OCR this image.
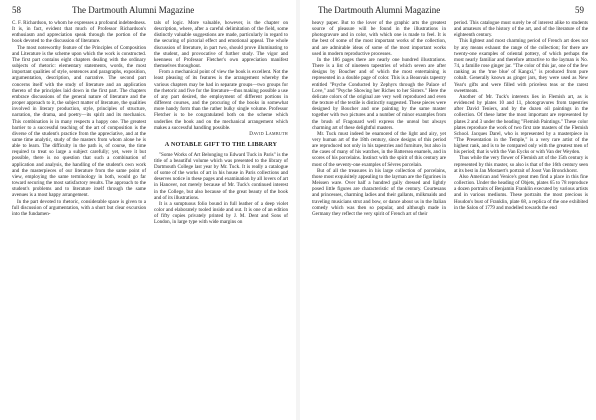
58	The Dartmouth Alumni Magazine

C. F. Richardson, to whom he expresses a profound indebtedness. It is, in fact, evident that much of Professor Richardson's enthusiasm and appreciation speak through the portion of the book devoted to the discussion of literature.

The most noteworthy feature of the Principles of Composition and Literature is the scheme upon which the work is constructed. The first part contains eight chapters dealing with the ordinary subjects of rhetoric: elementary statements, words, the most important qualities of style, sentences and paragraphs, exposition, argumentation, description, and narrative. The second part concerns itself with the study of literature and an application thereto of the principles laid down in the first part. The chapters embrace discussions of the general nature of literature and the proper approach to it, the subject matter of literature, the qualities involved in literary production, style, principles of structure, narration, the drama, and poetry—its spirit and its mechanics. This combination is in many respects a happy one. The greatest barrier to a successful teaching of the art of composition is the diverse of the student's practice from the appreciative, and at the same time analytic, study of the masters from whom alone he is able to learn. The difficulty in the path is, of course, the time required to treat so large a subject carefully; yet, were it but possible, there is no question that such a combination of application and analysis, the handling of the student's own work and the masterpieces of our literature from the same point of view, employing the same terminology in both, would go far toward securing the most satisfactory results. The approach to the student's problems and to literature itself through the same avenues is a most happy arrangement.

In the part devoted to rhetoric, considerable space is given to a full discussion of argumentation, with a short but clear excursion into the fundamen-

tals of logic. More valuable, however, is the chapter on description, where, after a careful delimitation of the field, some distinctly valuable suggestions are made, particularly in regard to the securing of pictorial effect and emotional appeal. The whole discussion of literature, in part two, should prove illuminating to the student, and provocative of further study. The vigor and keenness of Professor Fletcher's own appreciation manifest themselves throughout.

From a mechanical point of view the book is excellent. Not the least pleasing of its features is the arrangement whereby the various chapters may be had in separate groups—two groups for the rhetoric and five for the literature—thus making possible a use of any part desired, the employment of different portions in different courses, and the procuring of the books in somewhat more handy form than the rather bulky single volume. Professor Fletcher is to be congratulated both on the scheme which underlies the book and on the mechanical arrangement which makes a successful handling possible.

David Lambuth

A NOTABLE GIFT TO THE LIBRARY

"Some Works of Art Belonging to Edward Tuck in Paris" is the title of a beautiful volume which was presented to the library of Dartmouth College last year by Mr. Tuck. It is really a catalogue of some of the works of art in his house in Paris collections and deserves notice in these pages and examination by all lovers of art in Hanover, not merely because of Mr. Tuck's continued interest in the College, but also because of the great beauty of the book and of its illustrations.

It is a sumptuous folio bound in full leather of a deep violet color and elaborately tooled inside and out. It is one of an edition of fifty copies privately printed by J. M. Dent and Sons of London, in large type with wide margins on

The Dartmouth Alumni Magazine	59

heavy paper. But to the lover of the graphic arts the greatest source of pleasure will be found in the illustrations in photogravure and in color, with which one is made to feel. It is the best of some of the most important works of the collection, and are admirable ideas of some of the most important works used in modern reproductive processes.

In the 186 pages there are nearly one hundred illustrations. There is a list of nineteen tapestries of which seven are after designs by Boucher and of which the most entertaining is represented in a double page of color. This is a Beauvais tapestry entitled "Psyche Conducted by Zephyrs through the Palace of Love," and "Psyche Showing her Riches to her Sisters." Here the delicate colors of the original are very well reproduced and even the texture of the textile is distinctly suggested. These pieces were designed by Boucher and one painting by the same master together with two pictures and a number of minor examples from the brush of Fragonard well express the unreal but always charming art of these delightful masters.

Mr. Tuck must indeed be enamored of the light and airy, yet very human art of the 18th century, since designs of this period are reproduced not only in his tapestries and furniture, but also in the cases of many of his watches, in the Battersea enamels, and in scores of his porcelains. Instinct with the spirit of this century are most of the seventy-one examples of Sèvres porcelain.

But of all the treasures in his large collection of porcelains, those most exquisitely appealing to the layman are the figurines in Meissen ware. Over half a hundred gaily dressed and lightly posed little figures are characteristic of the century. Courtesans and princesses, charming ladies and their gallants, milkmaids and traveling musicians strut and bow, or dance about us in the Italian comedy which was then so popular, and although made in Germany they reflect the very spirit of French art of their

period. This catalogue must surely be of interest alike to students and amateurs of the history of the art, and of the literature of the eighteenth century.

This lightest and most charming period of French art does not by any means exhaust the range of the collection; for there are twenty-one examples of oriental pottery, of which perhaps the most nearly familiar and therefore attractive to the layman is No. 74, a famille rose ginger jar. "The color of this jar, one of the few ranking as the 'true blue' of Kangxi," is produced from pure cobalt. Generally known as ginger jars, they were used as New Year's gifts and were filled with priceless teas or the rarest sweetmeats.

Another of Mr. Tuck's interests lies in Flemish art, as is evidenced by plates 10 and 11, photogravures from tapestries after David Teniers, and by the dozen oil paintings in the collection. Of these latter the most important are represented by plates 2 and 3 under the heading "Flemish Paintings." These color plates reproduce the work of two first rate masters of the Flemish School. Jacques Darel, who is represented by a masterpiece in "The Presentation in the Temple," is a very rare artist of the highest rank, and is to be compared only with the greatest men of his period; that is with the Van Eycks or with Van der Weyden.

Thus while the very flower of Flemish art of the 15th century is represented by this master, so also is that of the 16th century seen at its best in Jan Mostaert's portrait of Joost Van Bronckhorst.

Also American and Venice's great men find a place in this fine collection. Under the heading of Objets, plates 65 to 78 reproduce a dozen portraits of Benjamin Franklin executed by various artists and in various mediums. These portraits the most precious is Houdon's bust of Franklin, plate 68, a replica of the one exhibited in the Salon of 1779 and modelled towards the end
